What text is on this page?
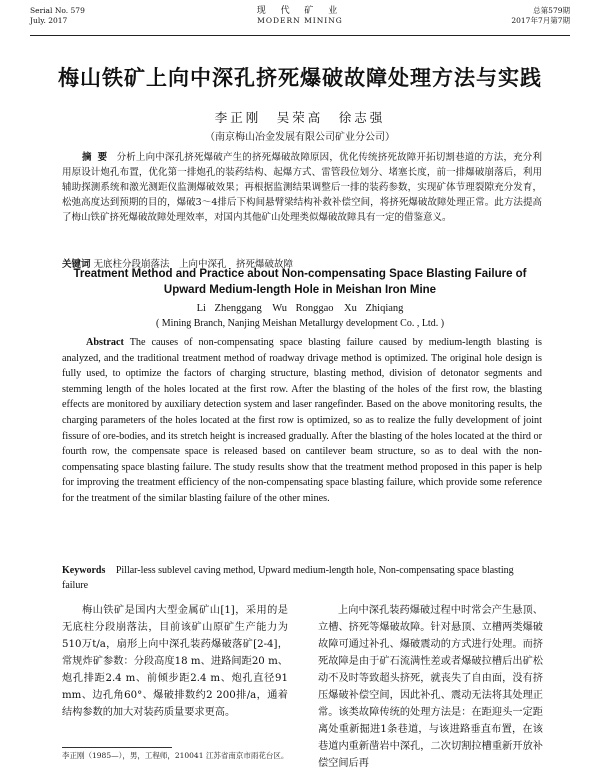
Serial No. 579
July. 2017
现 代 矿 业
MODERN MINING
总第579期
2017年7月第7期
梅山铁矿上向中深孔挤死爆破故障处理方法与实践
李正刚　吴荣高　徐志强
（南京梅山冶金发展有限公司矿业分公司）
摘要 分析上向中深孔挤死爆破产生的挤死爆破故障原因，优化传统挤死故障开拓切割巷道的方法，充分利用原设计炮孔布置，优化第一排炮孔的装药结构、起爆方式、雷管段位划分、堵塞长度，前一排爆破崩落后，利用辅助探测系统和激光测距仪监测爆破效果；再根据监测结果调整后一排的装药参数，实现矿体节理裂隙充分发育，松弛高度达到预期的目的，爆破3～4排后下构间悬臂梁结构补救补偿空间，将挤死爆破故障处理正常。此方法提高了梅山铁矿挤死爆破故障处理效率，对国内其他矿山处理类似爆破故障具有一定的借鉴意义。
关键词 无底柱分段崩落法　上向中深孔　挤死爆破故障
Treatment Method and Practice about Non-compensating Space Blasting Failure of
Upward Medium-length Hole in Meishan Iron Mine
Li Zhenggang　Wu Ronggao　Xu Zhiqiang
( Mining Branch, Nanjing Meishan Metallurgy development Co. , Ltd. )
Abstract The causes of non-compensating space blasting failure caused by medium-length blasting is analyzed, and the traditional treatment method of roadway drivage method is optimized. The original hole design is fully used, to optimize the factors of charging structure, blasting method, division of detonator segments and stemming length of the holes located at the first row. After the blasting of the holes of the first row, the blasting effects are monitored by auxiliary detection system and laser rangefinder. Based on the above monitoring results, the charging parameters of the holes located at the first row is optimized, so as to realize the fully development of joint fissure of ore-bodies, and its stretch height is increased gradually. After the blasting of the holes located at the third or fourth row, the compensate space is released based on cantilever beam structure, so as to deal with the non-compensating space blasting failure. The study results show that the treatment method proposed in this paper is help for improving the treatment efficiency of the non-compensating space blasting failure, which provide some reference for the treatment of the similar blasting failure of the other mines.
Keywords Pillar-less sublevel caving method, Upward medium-length hole, Non-compensating space blasting failure
梅山铁矿是国内大型金属矿山[1]，采用的是无底柱分段崩落法，目前该矿山原矿生产能力为510万t/a，扇形上向中深孔装药爆破落矿[2-4]，常规炸矿参数：分段高度18 m、进路间距20 m、炮孔排距2.4 m、前倾步距2.4 m、炮孔直径91 mm、边孔角60°、爆破排数约2 200排/a，通着结构参数的加大对装药质量要求更高。
上向中深孔装药爆破过程中时常会产生悬顶、立槽、挤死等爆破故障。针对悬顶、立槽两类爆破故障可通过补孔、爆破震动的方式进行处理。而挤死故障是由于矿石流满性差或者爆破拉槽后出矿松动不及时等致超头挤死，就丧失了自由面，没有挤压爆破补偿空间，因此补孔、震动无法将其处理正常。该类故障传统的处理方法是：在距迎头一定距离处重新掘进1条巷道，与该进路垂直布置，在该巷道内重新凿岩中深孔，二次切割拉槽重新开放补偿空间后再
李正刚（1985—），男，工程师，210041 江苏省南京市雨花台区。
